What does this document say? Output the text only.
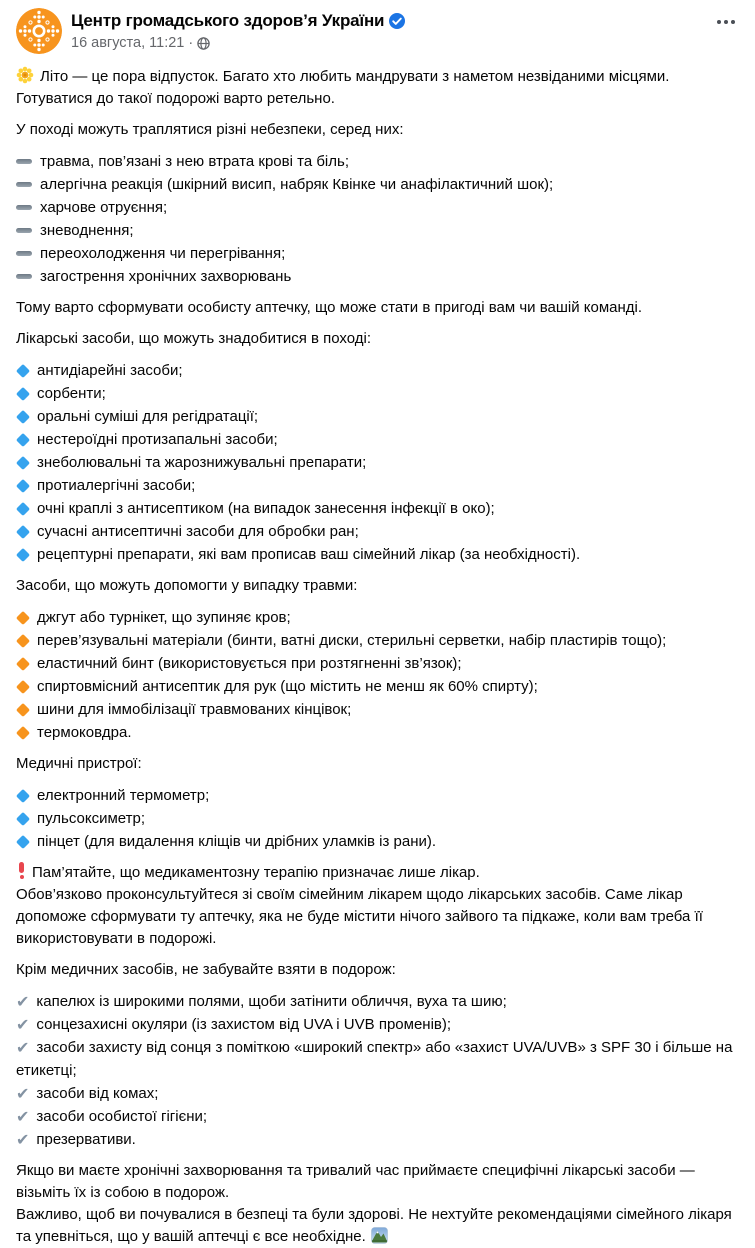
Центр громадського здоров’я України
16 августа, 11:21 ·
Літо — це пора відпусток. Багато хто любить мандрувати з наметом незвіданими місцями. Готуватися до такої подорожі варто ретельно.
У поході можуть траплятися різні небезпеки, серед них:
травма, пов’язані з нею втрата крові та біль;
алергічна реакція (шкірний висип, набряк Квінке чи анафілактичний шок);
харчове отруєння;
зневоднення;
переохолодження чи перегрівання;
загострення хронічних захворювань
Тому варто сформувати особисту аптечку, що може стати в пригоді вам чи вашій команді.
Лікарські засоби, що можуть знадобитися в поході:
антидіарейні засоби;
сорбенти;
оральні суміші для регідратації;
нестероїдні протизапальні засоби;
знеболювальні та жарознижувальні препарати;
протиалергічні засоби;
очні краплі з антисептиком (на випадок занесення інфекції в око);
сучасні антисептичні засоби для обробки ран;
рецептурні препарати, які вам прописав ваш сімейний лікар (за необхідності).
Засоби, що можуть допомогти у випадку травми:
джгут або турнікет, що зупиняє кров;
перев’язувальні матеріали (бинти, ватні диски, стерильні серветки, набір пластирів тощо);
еластичний бинт (використовується при розтягненні зв’язок);
спиртовмісний антисептик для рук (що містить не менш як 60% спирту);
шини для іммобілізації травмованих кінцівок;
термоковдра.
Медичні пристрої:
електронний термометр;
пульсоксиметр;
пінцет (для видалення кліщів чи дрібних уламків із рани).
Пам’ятайте, що медикаментозну терапію призначає лише лікар.
Обов’язково проконсультуйтеся зі своїм сімейним лікарем щодо лікарських засобів. Саме лікар допоможе сформувати ту аптечку, яка не буде містити нічого зайвого та підкаже, коли вам треба її використовувати в подорожі.
Крім медичних засобів, не забувайте взяти в подорож:
✔ капелюх із широкими полями, щоби затінити обличчя, вуха та шию;
✔ сонцезахисні окуляри (із захистом від UVA і UVB променів);
✔ засоби захисту від сонця з поміткою «широкий спектр» або «захист UVA/UVB» з SPF 30 і більше на етикетці;
✔ засоби від комах;
✔ засоби особистої гігієни;
✔ презервативи.
Якщо ви маєте хронічні захворювання та тривалий час приймаєте специфічні лікарські засоби — візьміть їх із собою в подорож.
Важливо, щоб ви почувалися в безпеці та були здорові. Не нехтуйте рекомендаціями сімейного лікаря та упевніться, що у вашій аптечці є все необхідне.
